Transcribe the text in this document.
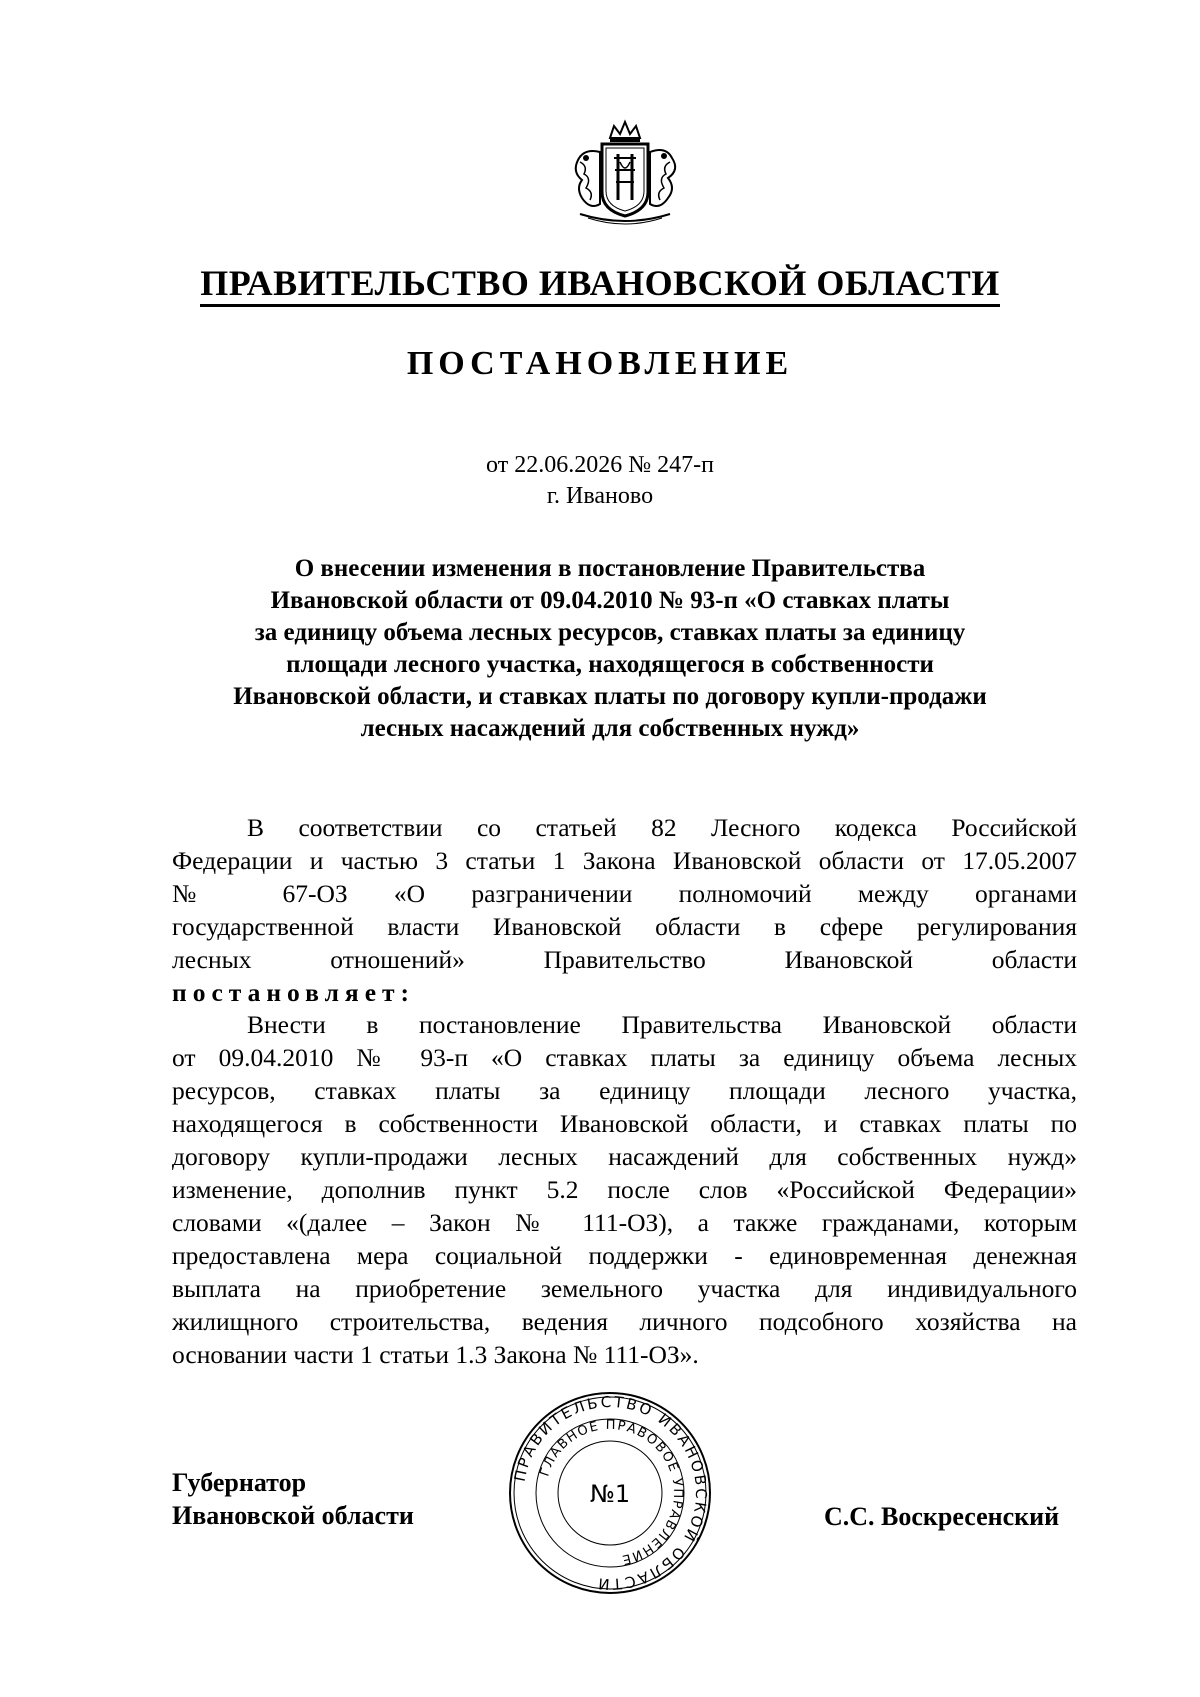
ПРАВИТЕЛЬСТВО ИВАНОВСКОЙ ОБЛАСТИ
ПОСТАНОВЛЕНИЕ
от 22.06.2026 № 247-п
г. Иваново
О внесении изменения в постановление Правительства
Ивановской области от 09.04.2010 № 93-п «О ставках платы
за единицу объема лесных ресурсов, ставках платы за единицу
площади лесного участка, находящегося в собственности
Ивановской области, и ставках платы по договору купли-продажи
лесных насаждений для собственных нужд»
В соответствии со статьей 82 Лесного кодекса Российской
Федерации и частью 3 статьи 1 Закона Ивановской области от 17.05.2007
№ 67-ОЗ «О разграничении полномочий между органами
государственной власти Ивановской области в сфере регулирования
лесных отношений» Правительство Ивановской области
постановляет:
Внести в постановление Правительства Ивановской области
от 09.04.2010 № 93-п «О ставках платы за единицу объема лесных
ресурсов, ставках платы за единицу площади лесного участка,
находящегося в собственности Ивановской области, и ставках платы по
договору купли-продажи лесных насаждений для собственных нужд»
изменение, дополнив пункт 5.2 после слов «Российской Федерации»
словами «(далее – Закон № 111-ОЗ), а также гражданами, которым
предоставлена мера социальной поддержки - единовременная денежная
выплата на приобретение земельного участка для индивидуального
жилищного строительства, ведения личного подсобного хозяйства на
основании части 1 статьи 1.3 Закона № 111-ОЗ».
Губернатор
Ивановской области
ПРАВИТЕЛЬСТВО ИВАНОВСКОЙ ОБЛАСТИ
ГЛАВНОЕ ПРАВОВОЕ УПРАВЛЕНИЕ
№1
С.С. Воскресенский
